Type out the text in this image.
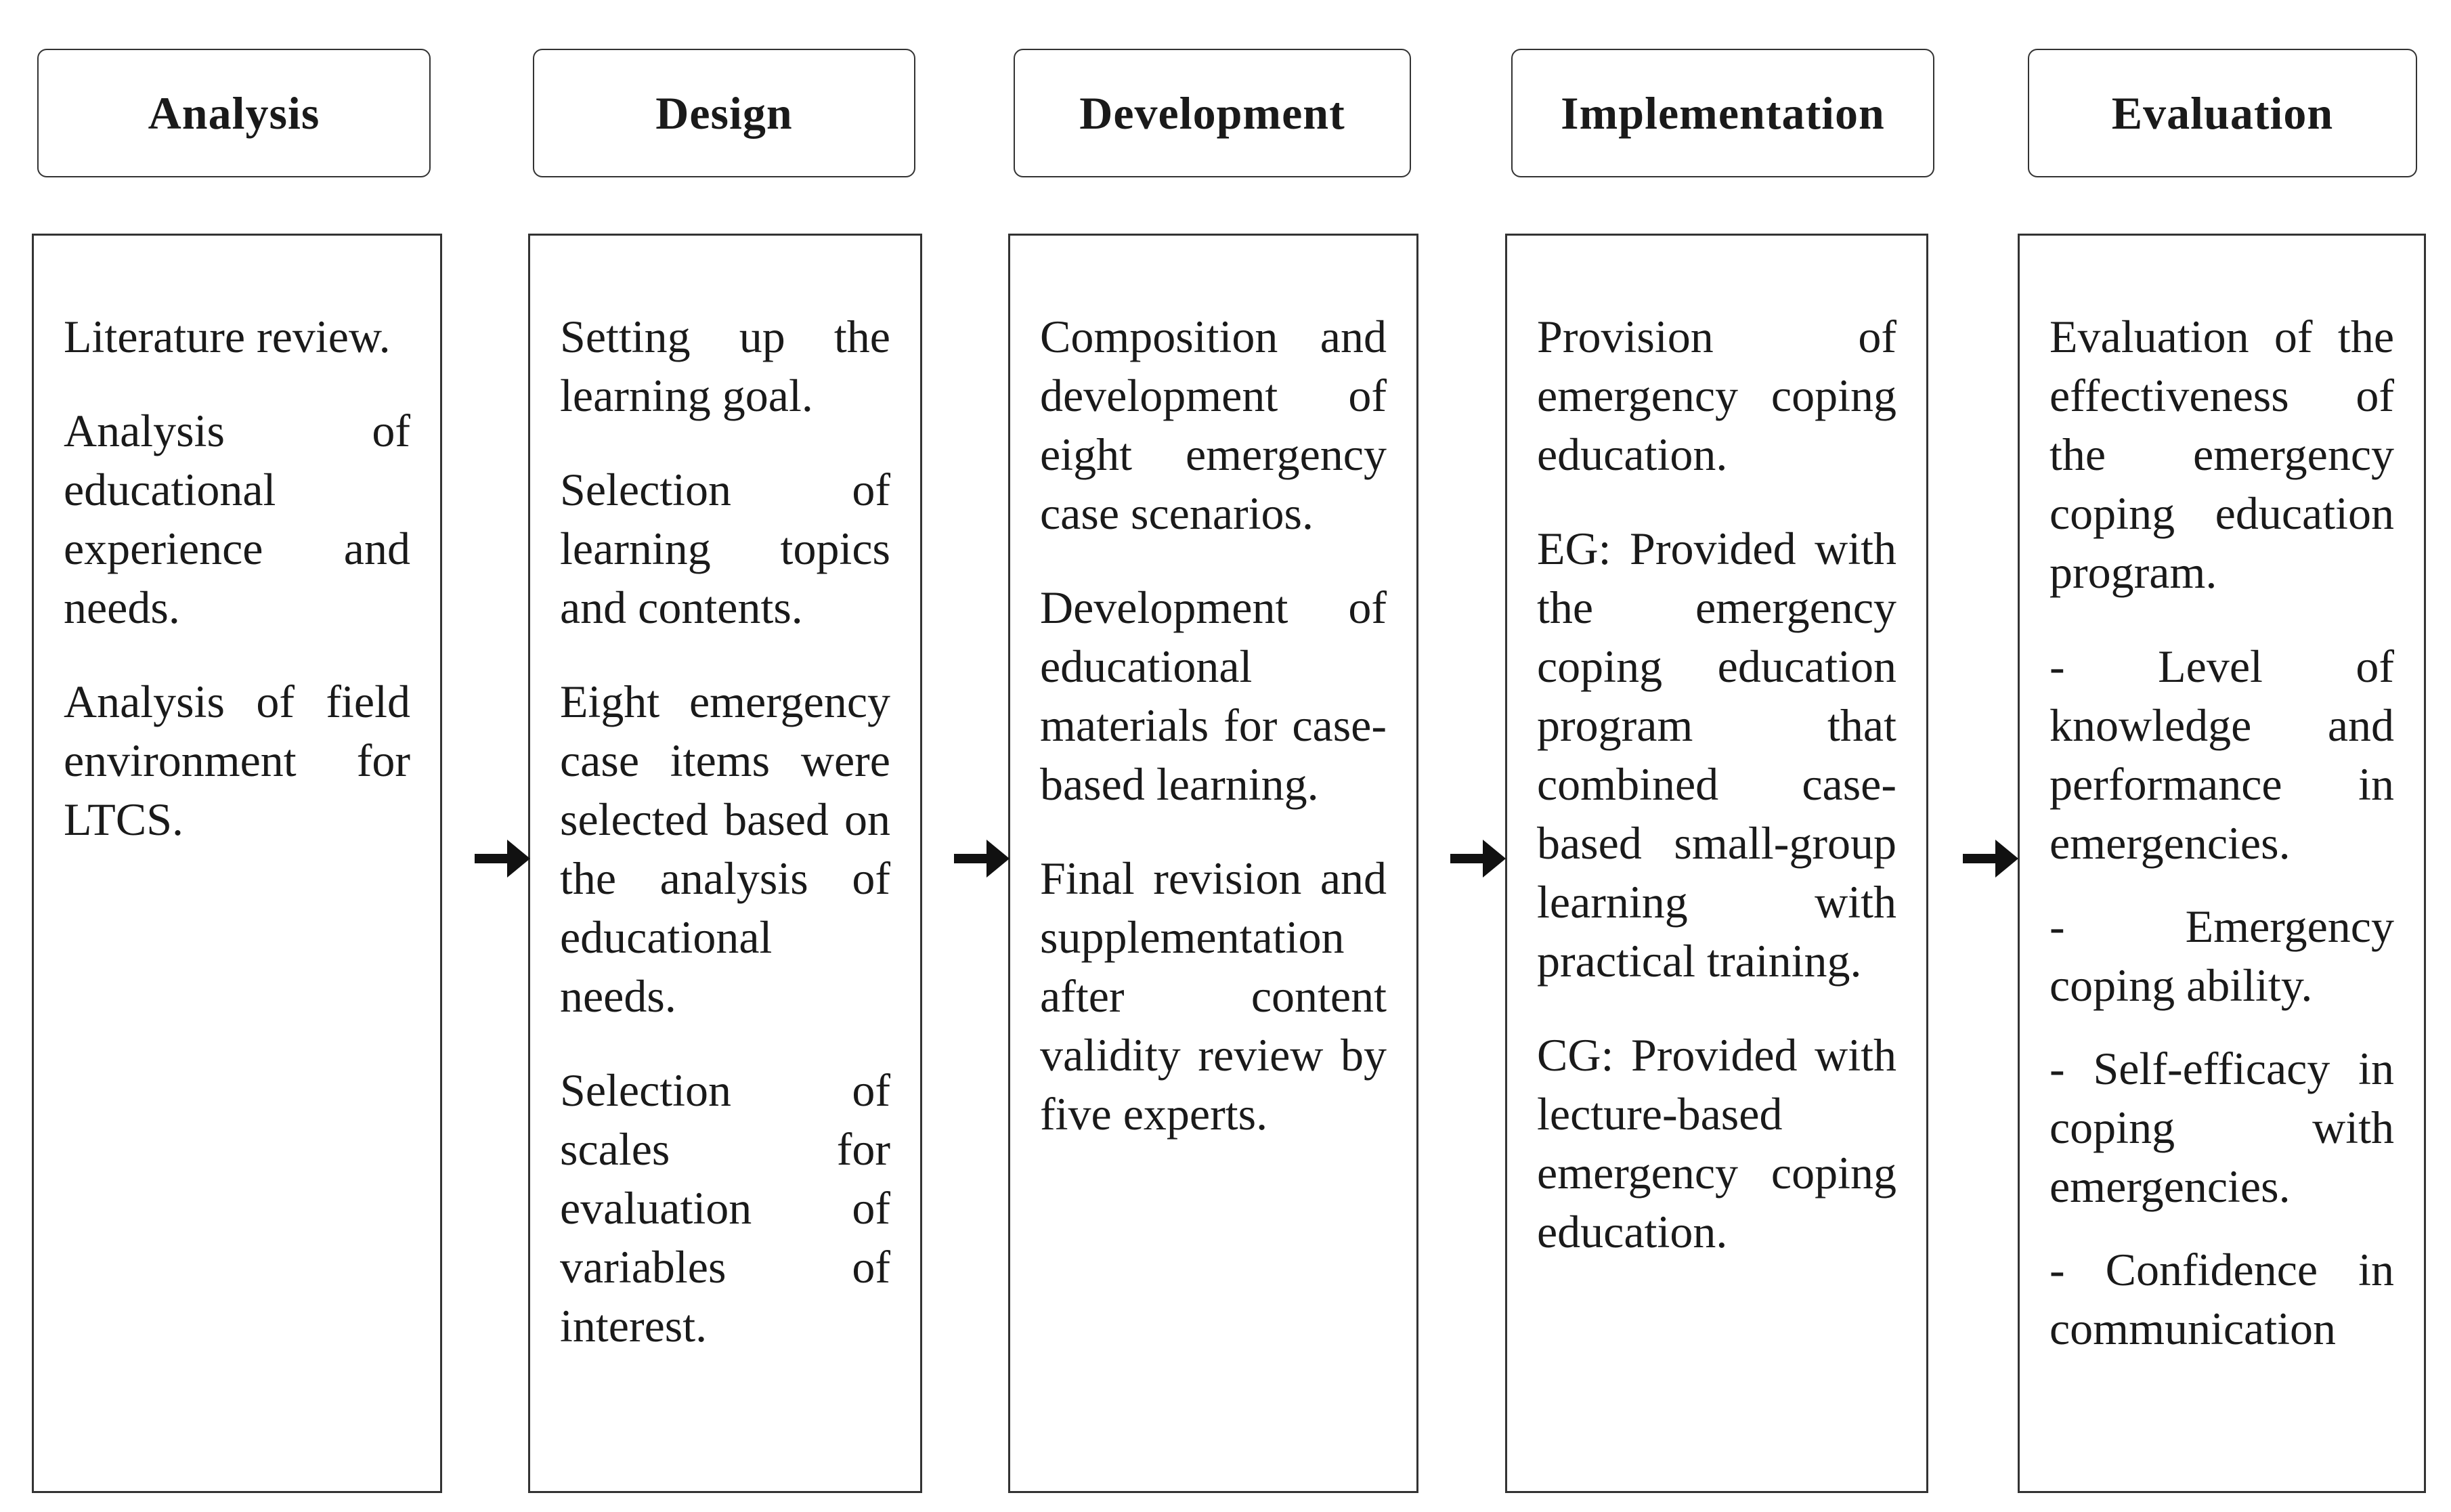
Analysis	Design	Development	Implementation	Evaluation

Literature review.

Analysis of educational experience and needs.

Analysis of field environment for LTCS.

Setting up the learning goal.

Selection of learning topics and contents.

Eight emergency case items were selected based on the analysis of educational needs.

Selection of scales for evaluation of variables of interest.

Composition and development of eight emergency case scenarios.

Development of educational materials for case-based learning.

Final revision and supplementation after content validity review by five experts.

Provision of emergency coping education.

EG: Provided with the emergency coping education program that combined case-based small-group learning with practical training.

CG: Provided with lecture-based emergency coping education.

Evaluation of the effectiveness of the emergency coping education program.

- Level of knowledge and performance in emergencies.

- Emergency coping ability.

- Self-efficacy in coping with emergencies.

- Confidence in communication
